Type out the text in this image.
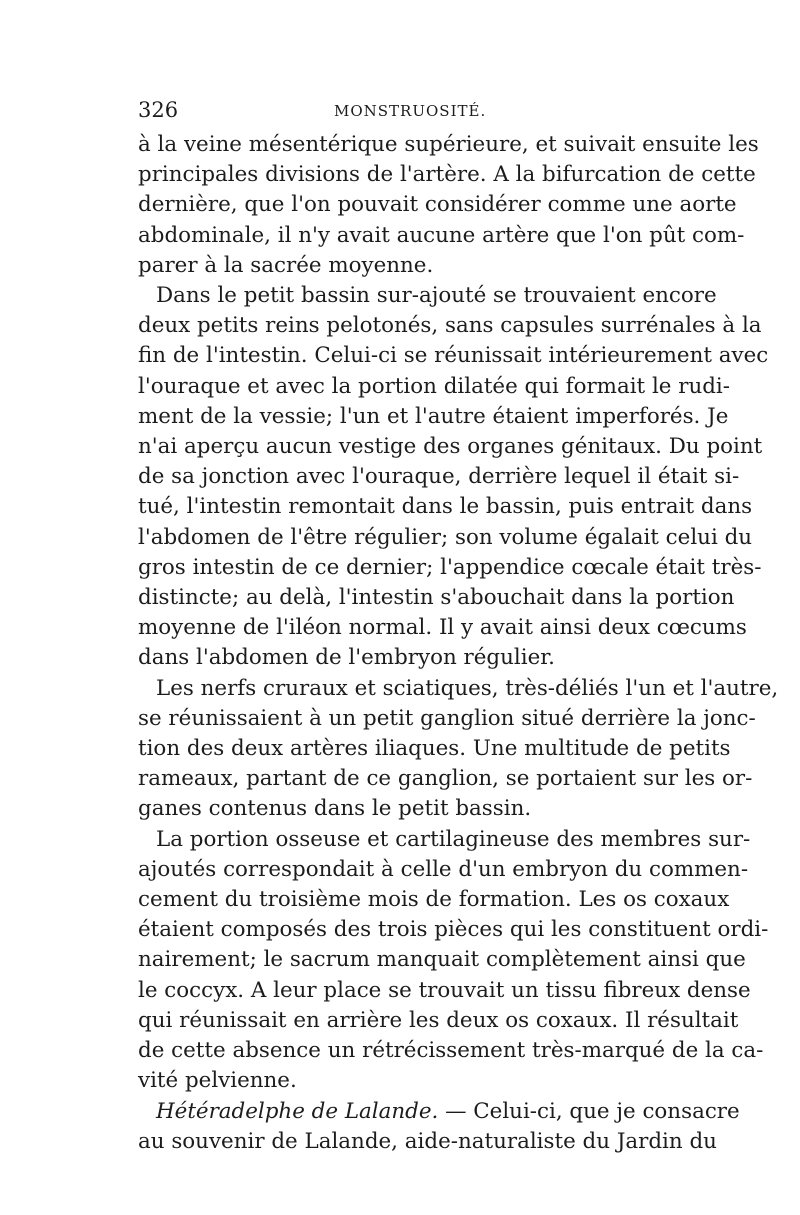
326	MONSTRUOSITÉ.
à la veine mésentérique supérieure, et suivait ensuite les
principales divisions de l'artère. A la bifurcation de cette
dernière, que l'on pouvait considérer comme une aorte
abdominale, il n'y avait aucune artère que l'on pût com-
parer à la sacrée moyenne.
Dans le petit bassin sur-ajouté se trouvaient encore
deux petits reins pelotonés, sans capsules surrénales à la
fin de l'intestin. Celui-ci se réunissait intérieurement avec
l'ouraque et avec la portion dilatée qui formait le rudi-
ment de la vessie; l'un et l'autre étaient imperforés. Je
n'ai aperçu aucun vestige des organes génitaux. Du point
de sa jonction avec l'ouraque, derrière lequel il était si-
tué, l'intestin remontait dans le bassin, puis entrait dans
l'abdomen de l'être régulier; son volume égalait celui du
gros intestin de ce dernier; l'appendice cœcale était très-
distincte; au delà, l'intestin s'abouchait dans la portion
moyenne de l'iléon normal. Il y avait ainsi deux cœcums
dans l'abdomen de l'embryon régulier.
Les nerfs cruraux et sciatiques, très-déliés l'un et l'autre,
se réunissaient à un petit ganglion situé derrière la jonc-
tion des deux artères iliaques. Une multitude de petits
rameaux, partant de ce ganglion, se portaient sur les or-
ganes contenus dans le petit bassin.
La portion osseuse et cartilagineuse des membres sur-
ajoutés correspondait à celle d'un embryon du commen-
cement du troisième mois de formation. Les os coxaux
étaient composés des trois pièces qui les constituent ordi-
nairement; le sacrum manquait complètement ainsi que
le coccyx. A leur place se trouvait un tissu fibreux dense
qui réunissait en arrière les deux os coxaux. Il résultait
de cette absence un rétrécissement très-marqué de la ca-
vité pelvienne.
Hétéradelphe de Lalande. — Celui-ci, que je consacre
au souvenir de Lalande, aide-naturaliste du Jardin du
